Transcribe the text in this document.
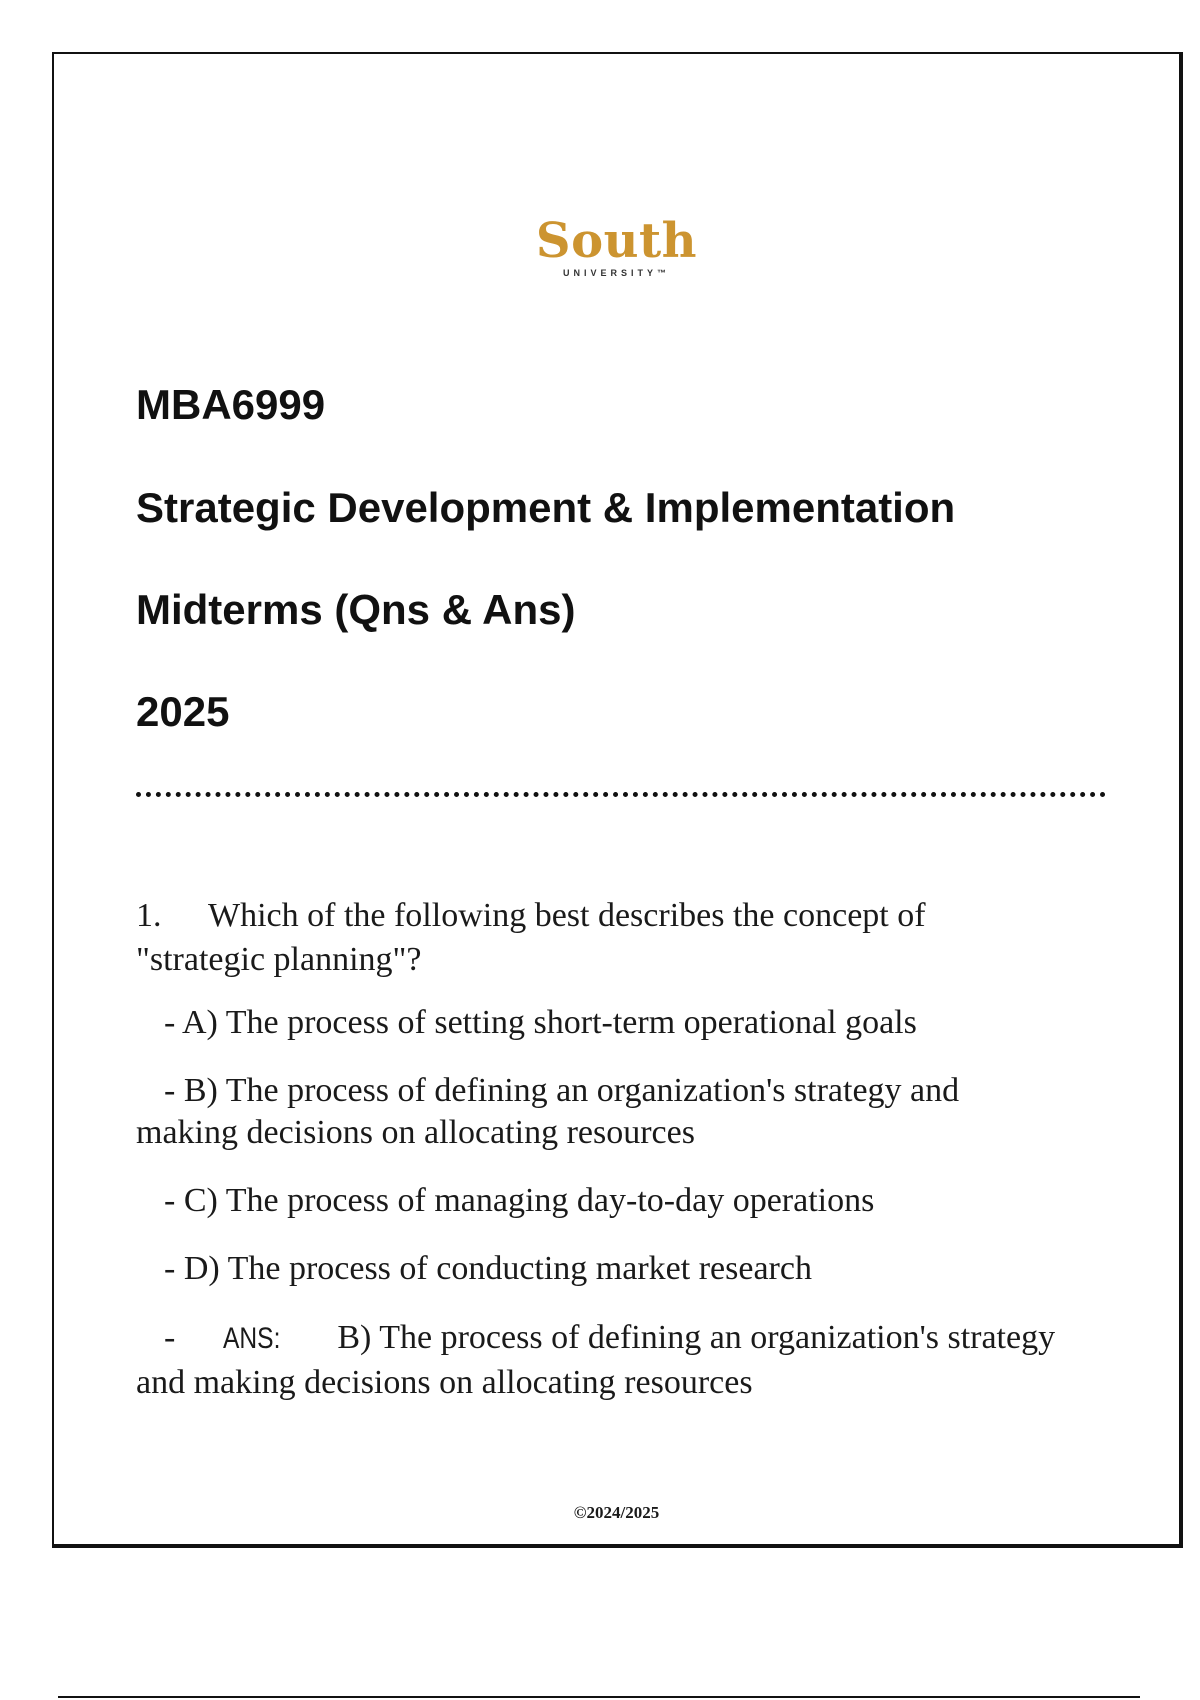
South
UNIVERSITY™
MBA6999
Strategic Development & Implementation
Midterms (Qns & Ans)
2025

1. Which of the following best describes the concept of
"strategic planning"?

- A) The process of setting short-term operational goals

- B) The process of defining an organization's strategy and
making decisions on allocating resources

- C) The process of managing day-to-day operations

- D) The process of conducting market research

- ANS: B) The process of defining an organization's strategy
and making decisions on allocating resources

©2024/2025
